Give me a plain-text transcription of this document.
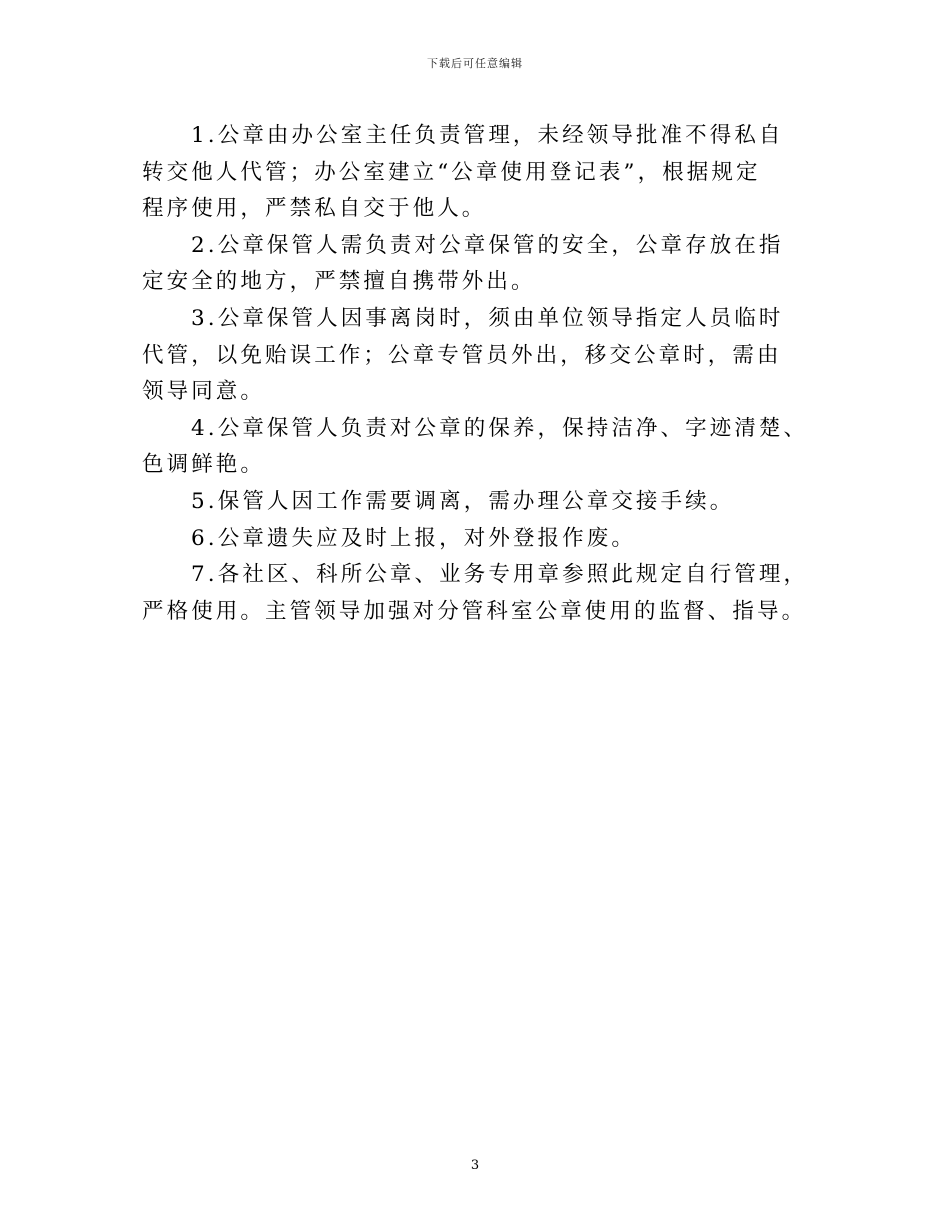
下载后可任意编辑

1.公章由办公室主任负责管理，未经领导批准不得私自
转交他人代管；办公室建立“公章使用登记表”，根据规定
程序使用，严禁私自交于他人。

2.公章保管人需负责对公章保管的安全，公章存放在指
定安全的地方，严禁擅自携带外出。

3.公章保管人因事离岗时，须由单位领导指定人员临时
代管，以免贻误工作；公章专管员外出，移交公章时，需由
领导同意。

4.公章保管人负责对公章的保养，保持洁净、字迹清楚、
色调鲜艳。

5.保管人因工作需要调离，需办理公章交接手续。

6.公章遗失应及时上报，对外登报作废。

7.各社区、科所公章、业务专用章参照此规定自行管理，
严格使用。主管领导加强对分管科室公章使用的监督、指导。

3
